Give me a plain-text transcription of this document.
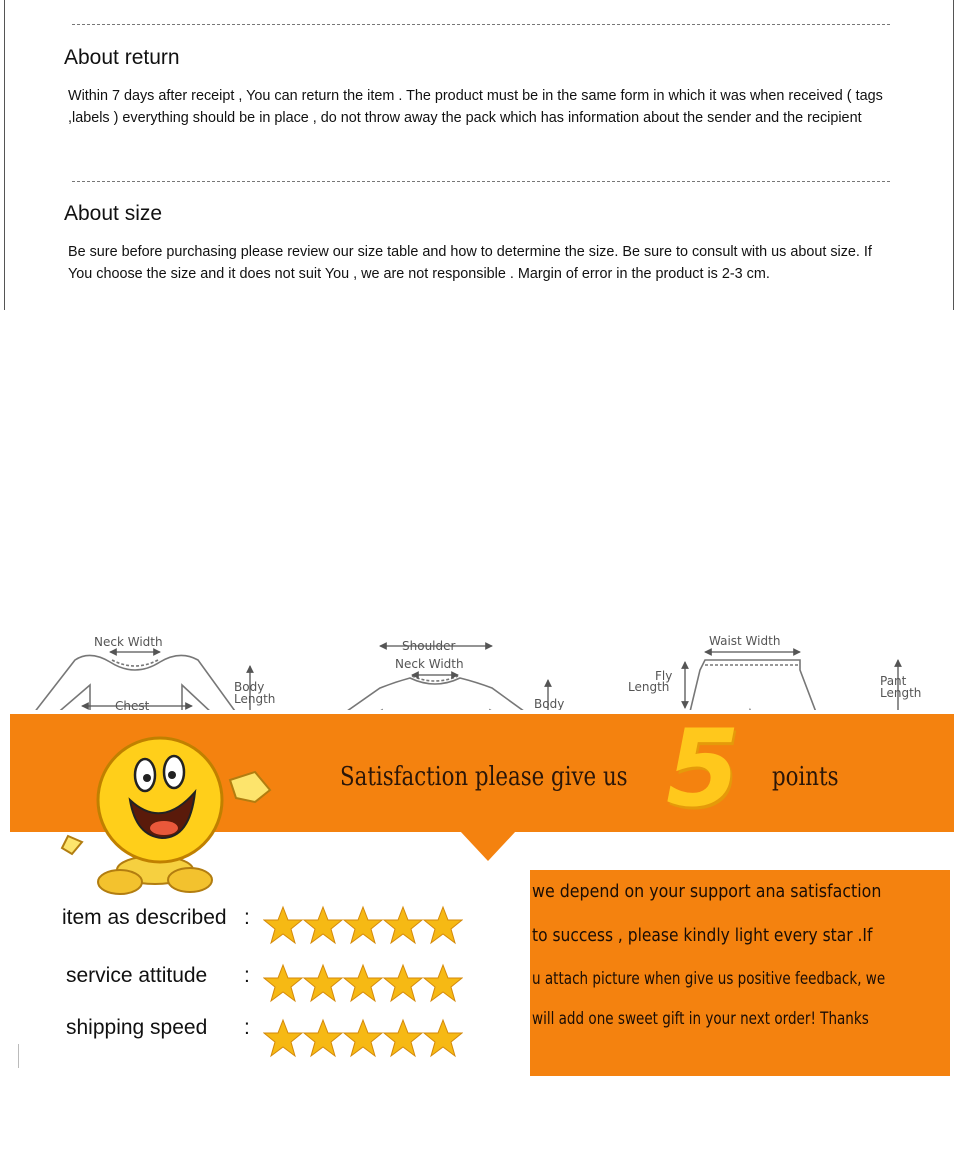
About return

Within 7 days after receipt , You can return the item . The product must be in the same form in which it was when received ( tags ,labels ) everything should be in place , do not throw away the pack which has information about the sender and the recipient

About size

Be sure before purchasing please review our size table and how to determine the size. Be sure to consult with us about size. If You choose the size and it does not suit You , we are not responsible . Margin of error in the product is 2-3 cm.

Neck Width
Chest
Body
Length
Shoulder
Neck Width
Body
Waist Width
Fly
Length	Pant
Length
Satisfaction please give us 5 points
item as described :
service attitude :
shipping speed :
we depend on your support ana satisfaction
to success , please kindly light every star .If
u attach picture when give us positive feedback, we
will add one sweet gift in your next order! Thanks
